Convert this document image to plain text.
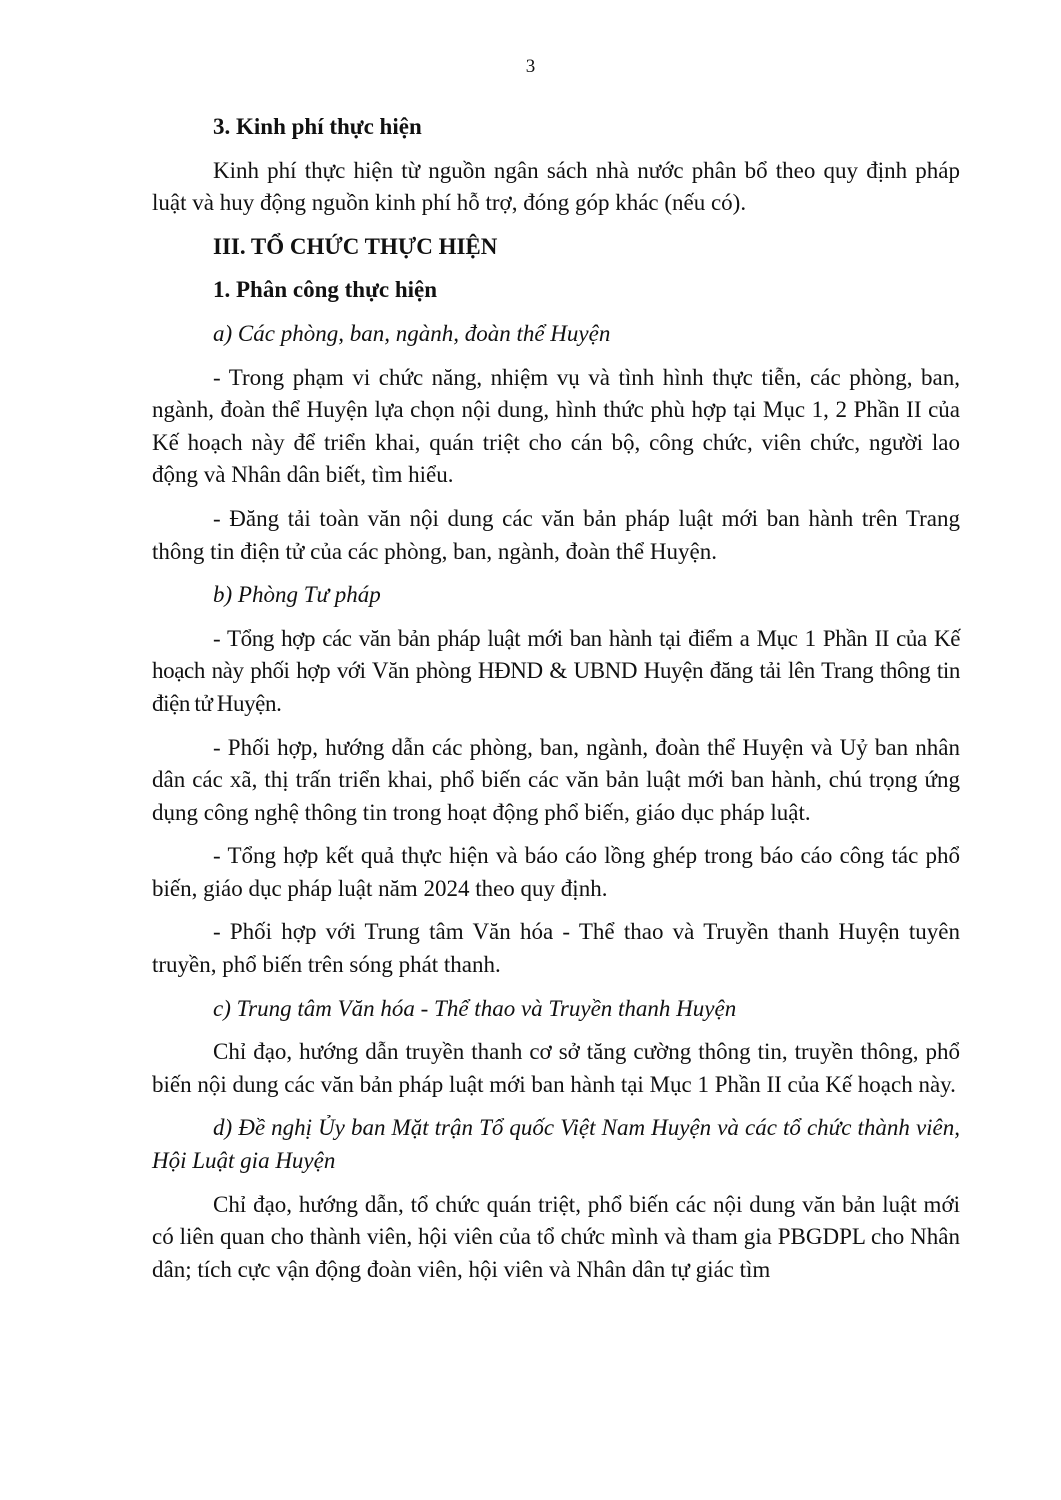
3

3. Kinh phí thực hiện

Kinh phí thực hiện từ nguồn ngân sách nhà nước phân bổ theo quy định pháp luật và huy động nguồn kinh phí hỗ trợ, đóng góp khác (nếu có).

III. TỔ CHỨC THỰC HIỆN

1. Phân công thực hiện

a) Các phòng, ban, ngành, đoàn thể Huyện

- Trong phạm vi chức năng, nhiệm vụ và tình hình thực tiễn, các phòng, ban, ngành, đoàn thể Huyện lựa chọn nội dung, hình thức phù hợp tại Mục 1, 2 Phần II của Kế hoạch này để triển khai, quán triệt cho cán bộ, công chức, viên chức, người lao động và Nhân dân biết, tìm hiểu.

- Đăng tải toàn văn nội dung các văn bản pháp luật mới ban hành trên Trang thông tin điện tử của các phòng, ban, ngành, đoàn thể Huyện.

b) Phòng Tư pháp

- Tổng hợp các văn bản pháp luật mới ban hành tại điểm a Mục 1 Phần II của Kế hoạch này phối hợp với Văn phòng HĐND & UBND Huyện đăng tải lên Trang thông tin điện tử Huyện.

- Phối hợp, hướng dẫn các phòng, ban, ngành, đoàn thể Huyện và Uỷ ban nhân dân các xã, thị trấn triển khai, phổ biến các văn bản luật mới ban hành, chú trọng ứng dụng công nghệ thông tin trong hoạt động phổ biến, giáo dục pháp luật.

- Tổng hợp kết quả thực hiện và báo cáo lồng ghép trong báo cáo công tác phổ biến, giáo dục pháp luật năm 2024 theo quy định.

- Phối hợp với Trung tâm Văn hóa - Thể thao và Truyền thanh Huyện tuyên truyền, phổ biến trên sóng phát thanh.

c) Trung tâm Văn hóa - Thể thao và Truyền thanh Huyện

Chỉ đạo, hướng dẫn truyền thanh cơ sở tăng cường thông tin, truyền thông, phổ biến nội dung các văn bản pháp luật mới ban hành tại Mục 1 Phần II của Kế hoạch này.

d) Đề nghị Ủy ban Mặt trận Tổ quốc Việt Nam Huyện và các tổ chức thành viên, Hội Luật gia Huyện

Chỉ đạo, hướng dẫn, tổ chức quán triệt, phổ biến các nội dung văn bản luật mới có liên quan cho thành viên, hội viên của tổ chức mình và tham gia PBGDPL cho Nhân dân; tích cực vận động đoàn viên, hội viên và Nhân dân tự giác tìm
